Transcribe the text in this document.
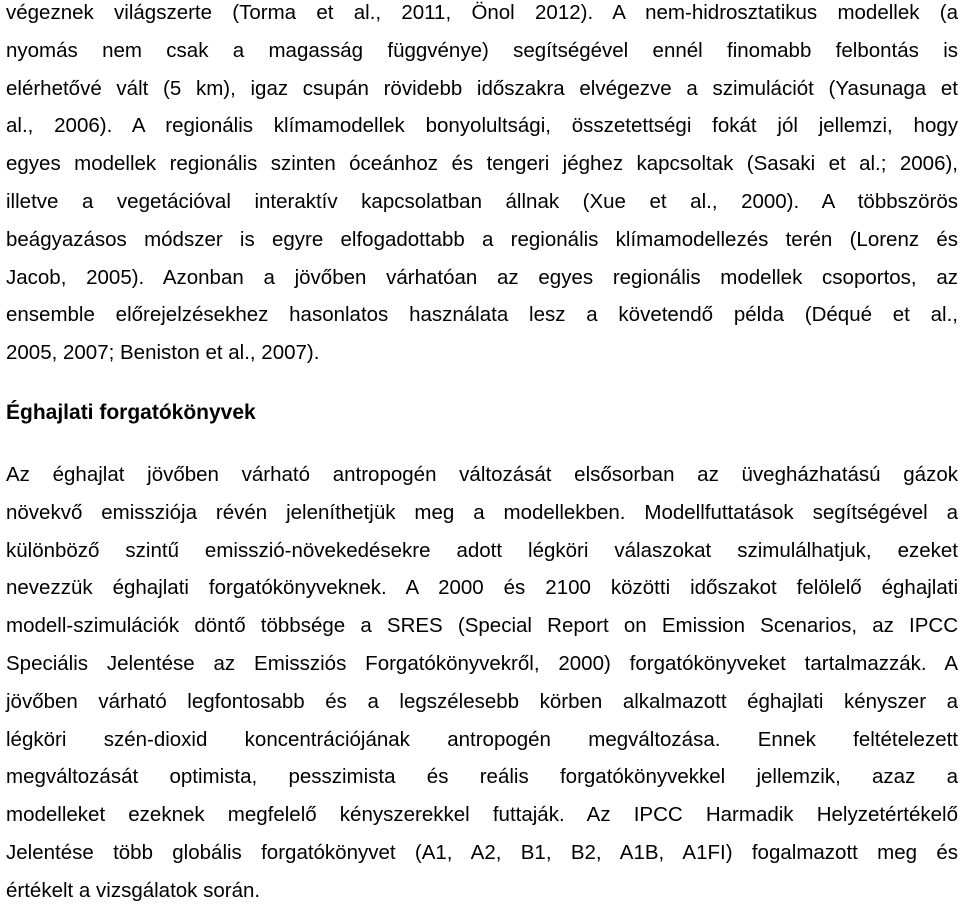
végeznek világszerte (Torma et al., 2011, Önol 2012). A nem-hidrosztatikus modellek (a
nyomás nem csak a magasság függvénye) segítségével ennél finomabb felbontás is
elérhetővé vált (5 km), igaz csupán rövidebb időszakra elvégezve a szimulációt (Yasunaga et
al., 2006). A regionális klímamodellek bonyolultsági, összetettségi fokát jól jellemzi, hogy
egyes modellek regionális szinten óceánhoz és tengeri jéghez kapcsoltak (Sasaki et al.; 2006),
illetve a vegetációval interaktív kapcsolatban állnak (Xue et al., 2000). A többszörös
beágyazásos módszer is egyre elfogadottabb a regionális klímamodellezés terén (Lorenz és
Jacob, 2005). Azonban a jövőben várhatóan az egyes regionális modellek csoportos, az
ensemble előrejelzésekhez hasonlatos használata lesz a követendő példa (Déqué et al.,
2005, 2007; Beniston et al., 2007).
Éghajlati forgatókönyvek
Az éghajlat jövőben várható antropogén változását elsősorban az üvegházhatású gázok
növekvő emissziója révén jeleníthetjük meg a modellekben. Modellfuttatások segítségével a
különböző szintű emisszió-növekedésekre adott légköri válaszokat szimulálhatjuk, ezeket
nevezzük éghajlati forgatókönyveknek. A 2000 és 2100 közötti időszakot felölelő éghajlati
modell-szimulációk döntő többsége a SRES (Special Report on Emission Scenarios, az IPCC
Speciális Jelentése az Emissziós Forgatókönyvekről, 2000) forgatókönyveket tartalmazzák. A
jövőben várható legfontosabb és a legszélesebb körben alkalmazott éghajlati kényszer a
légköri szén-dioxid koncentrációjának antropogén megváltozása. Ennek feltételezett
megváltozását optimista, pesszimista és reális forgatókönyvekkel jellemzik, azaz a
modelleket ezeknek megfelelő kényszerekkel futtaják. Az IPCC Harmadik Helyzetértékelő
Jelentése több globális forgatókönyvet (A1, A2, B1, B2, A1B, A1FI) fogalmazott meg és
értékelt a vizsgálatok során.
